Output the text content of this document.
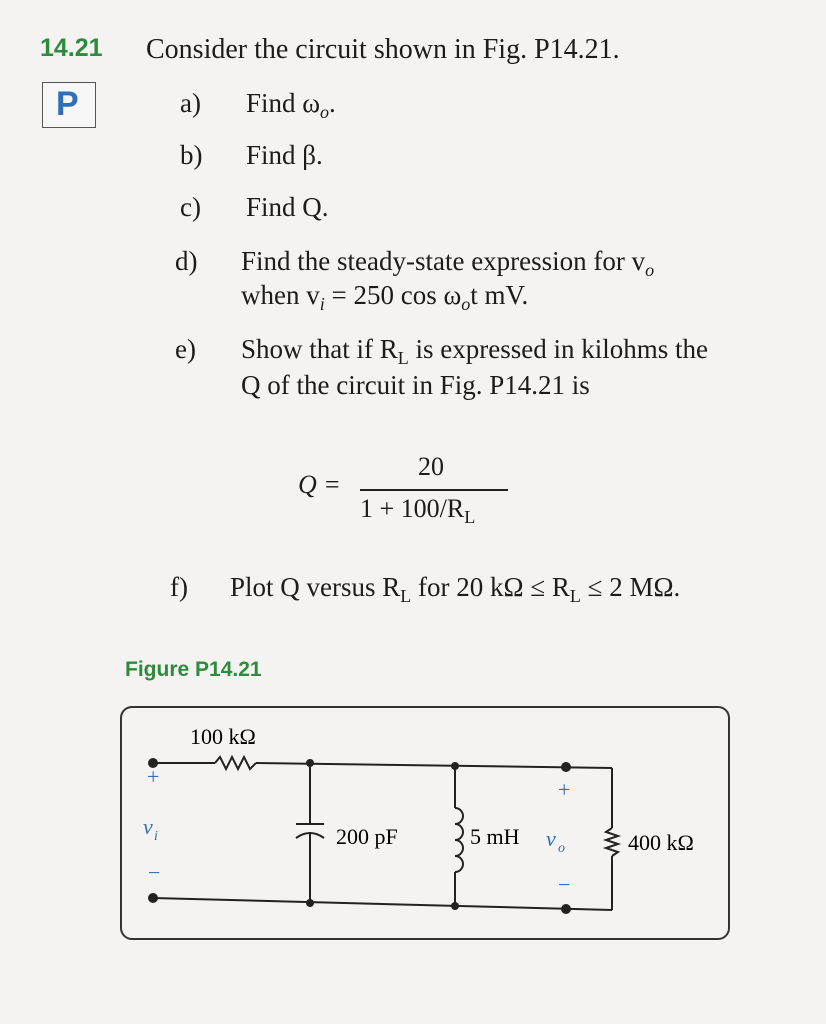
14.21
P
Consider the circuit shown in Fig. P14.21.
a) Find $\omega_o$.
b) Find β.
c) Find Q.
d) Find the steady-state expression for $v_o$
when $v_i = 250$ $\cos \omega_ot$ mV.
e) Show that if $R_L$ is expressed in kilohms the
Q of the circuit in Fig. P14.21 is
Q =
20
$1 + 100/R_L$
f) Plot Q versus $R_L$ for 20 $k\Omega \le R_L \le 2$ MΩ.
Figure P14.21
100 kΩ
200 pF	5 mH	400 kΩ
+
−
v i
+
−
v o
